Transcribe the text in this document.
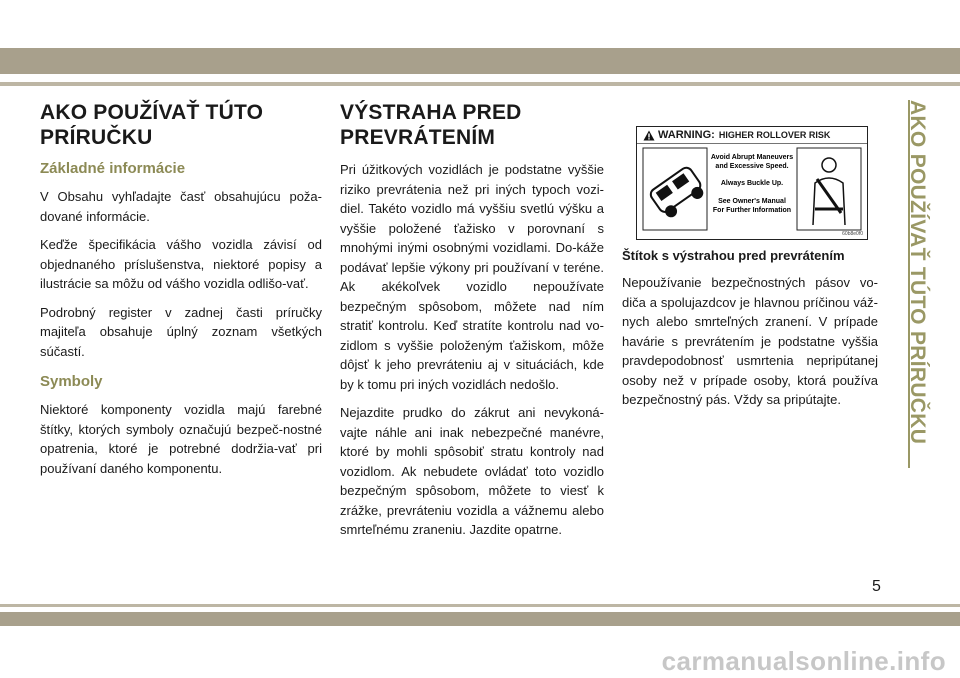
AKO POUŽÍVAŤ TÚTO PRÍRUČKU
Základné informácie

V Obsahu vyhľadajte časť obsahujúcu poža-dované informácie.

Keďže špecifikácia vášho vozidla závisí od objednaného príslušenstva, niektoré popisy a ilustrácie sa môžu od vášho vozidla odlišo-vať.

Podrobný register v zadnej časti príručky majiteľa obsahuje úplný zoznam všetkých súčastí.

Symboly

Niektoré komponenty vozidla majú farebné štítky, ktorých symboly označujú bezpeč-nostné opatrenia, ktoré je potrebné dodržia-vať pri používaní daného komponentu.

VÝSTRAHA PRED PREVRÁTENÍM

Pri úžitkových vozidlách je podstatne vyššie riziko prevrátenia než pri iných typoch vozi-diel. Takéto vozidlo má vyššiu svetlú výšku a vyššie položené ťažisko v porovnaní s mnohými inými osobnými vozidlami. Do-káže podávať lepšie výkony pri používaní v teréne. Ak akékoľvek vozidlo nepoužívate bezpečným spôsobom, môžete nad ním stratiť kontrolu. Keď stratíte kontrolu nad vo-zidlom s vyššie položeným ťažiskom, môže dôjsť k jeho prevráteniu aj v situáciách, kde by k tomu pri iných vozidlách nedošlo.

Nejazdite prudko do zákrut ani nevykoná-vajte náhle ani inak nebezpečné manévre, ktoré by mohli spôsobiť stratu kontroly nad vozidlom. Ak nebudete ovládať toto vozidlo bezpečným spôsobom, môžete to viesť k zrážke, prevráteniu vozidla a vážnemu alebo smrteľnému zraneniu. Jazdite opatrne.

WARNING: HIGHER ROLLOVER RISK
Avoid Abrupt Maneuvers
and Excessive Speed.
Always Buckle Up.
See Owner's Manual
For Further Information
60b8e0f0
Štítok s výstrahou pred prevrátením

Nepoužívanie bezpečnostných pásov vo-diča a spolujazdcov je hlavnou príčinou váž-nych alebo smrteľných zranení. V prípade havárie s prevrátením je podstatne vyššia pravdepodobnosť usmrtenia nepripútanej osoby než v prípade osoby, ktorá používa bezpečnostný pás. Vždy sa pripútajte.	AKO POUŽÍVAŤ TÚTO PRÍRUČKU
5
carmanualsonline.info
